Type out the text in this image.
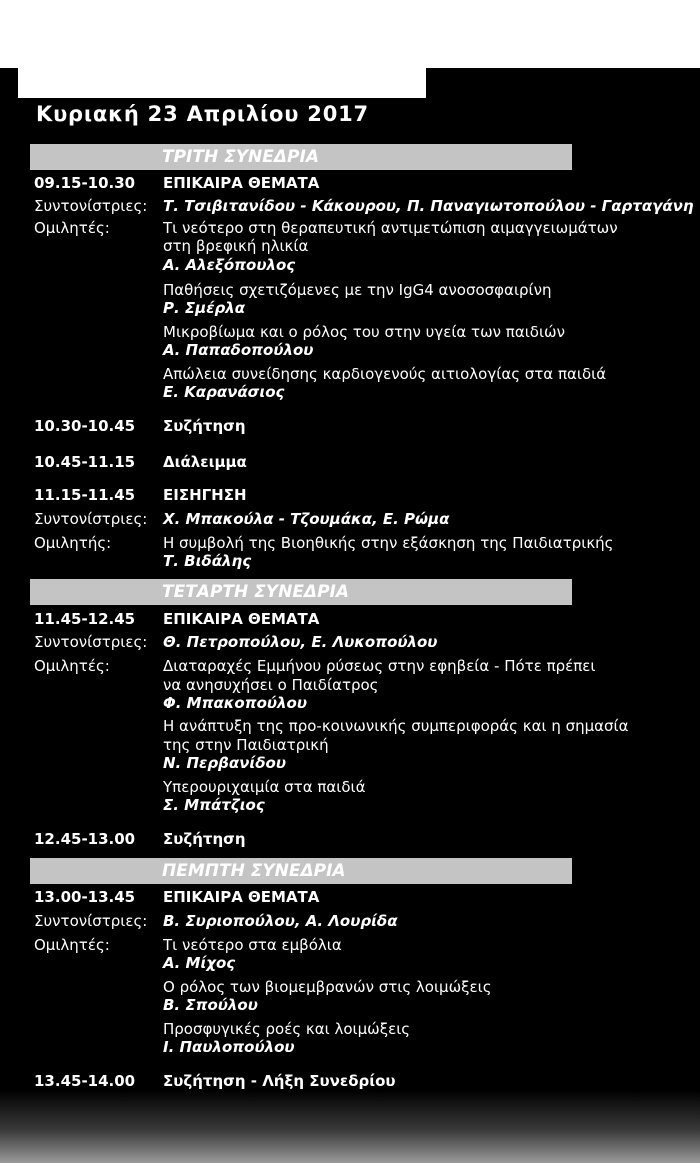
Κυριακή 23 Απριλίου 2017
ΤΡΙΤΗ ΣΥΝΕΔΡΙΑ
09.15-10.30 ΕΠΙΚΑΙΡΑ ΘΕΜΑΤΑ
Συντονίστριες: Τ. Τσιβιτανίδου - Κάκουρου, Π. Παναγιωτοπούλου - Γαρταγάνη
Ομιλητές:	Τι νεότερο στη θεραπευτική αντιμετώπιση αιμαγγειωμάτων
στη βρεφική ηλικία
Α. Αλεξόπουλος
Παθήσεις σχετιζόμενες με την IgG4 ανοσοσφαιρίνη
Ρ. Σμέρλα
Μικροβίωμα και ο ρόλος του στην υγεία των παιδιών
Α. Παπαδοπούλου
Απώλεια συνείδησης καρδιογενούς αιτιολογίας στα παιδιά
Ε. Καρανάσιος
10.30-10.45 Συζήτηση
10.45-11.15 Διάλειμμα
11.15-11.45 ΕΙΣΗΓΗΣΗ
Συντονίστριες: Χ. Μπακούλα - Τζουμάκα, Ε. Ρώμα
Ομιλητής:	Η συμβολή της Βιοηθικής στην εξάσκηση της Παιδιατρικής
Τ. Βιδάλης
ΤΕΤΑΡΤΗ ΣΥΝΕΔΡΙΑ
11.45-12.45 ΕΠΙΚΑΙΡΑ ΘΕΜΑΤΑ
Συντονίστριες: Θ. Πετροπούλου, Ε. Λυκοπούλου
Ομιλητές:	Διαταραχές Εμμήνου ρύσεως στην εφηβεία - Πότε πρέπει
να ανησυχήσει ο Παιδίατρος
Φ. Μπακοπούλου
Η ανάπτυξη της προ-κοινωνικής συμπεριφοράς και η σημασία
της στην Παιδιατρική
Ν. Περβανίδου
Υπερουριχαιμία στα παιδιά
Σ. Μπάτζιος
12.45-13.00 Συζήτηση
ΠΕΜΠΤΗ ΣΥΝΕΔΡΙΑ
13.00-13.45 ΕΠΙΚΑΙΡΑ ΘΕΜΑΤΑ
Συντονίστριες: Β. Συριοπούλου, Α. Λουρίδα
Ομιλητές:	Τι νεότερο στα εμβόλια
Α. Μίχος
Ο ρόλος των βιομεμβρανών στις λοιμώξεις
Β. Σπούλου
Προσφυγικές ροές και λοιμώξεις
Ι. Παυλοπούλου
13.45-14.00 Συζήτηση - Λήξη Συνεδρίου
